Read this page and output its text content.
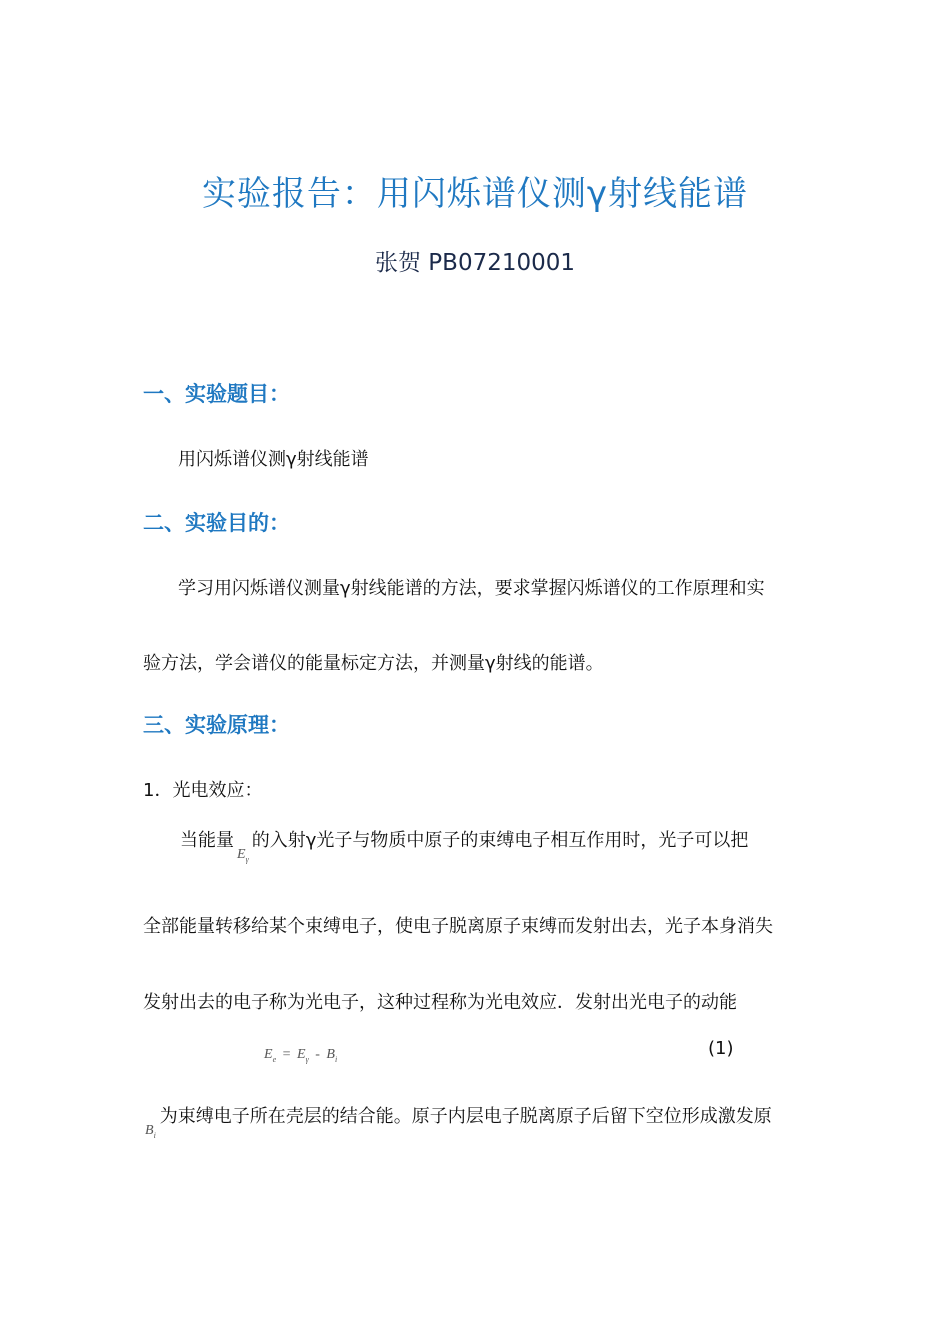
实验报告：用闪烁谱仪测γ射线能谱
张贺 PB07210001
一、实验题目：
用闪烁谱仪测γ射线能谱
二、实验目的：
学习用闪烁谱仪测量γ射线能谱的方法，要求掌握闪烁谱仪的工作原理和实
验方法，学会谱仪的能量标定方法，并测量γ射线的能谱。
三、实验原理：
1．光电效应：
当能量$E_\gamma$的入射γ光子与物质中原子的束缚电子相互作用时，光子可以把
全部能量转移给某个束缚电子，使电子脱离原子束缚而发射出去，光子本身消失
发射出去的电子称为光电子，这种过程称为光电效应．发射出光电子的动能
$E_e = E_\gamma - B_i$
(1)
$B_i$为束缚电子所在壳层的结合能。原子内层电子脱离原子后留下空位形成激发原
